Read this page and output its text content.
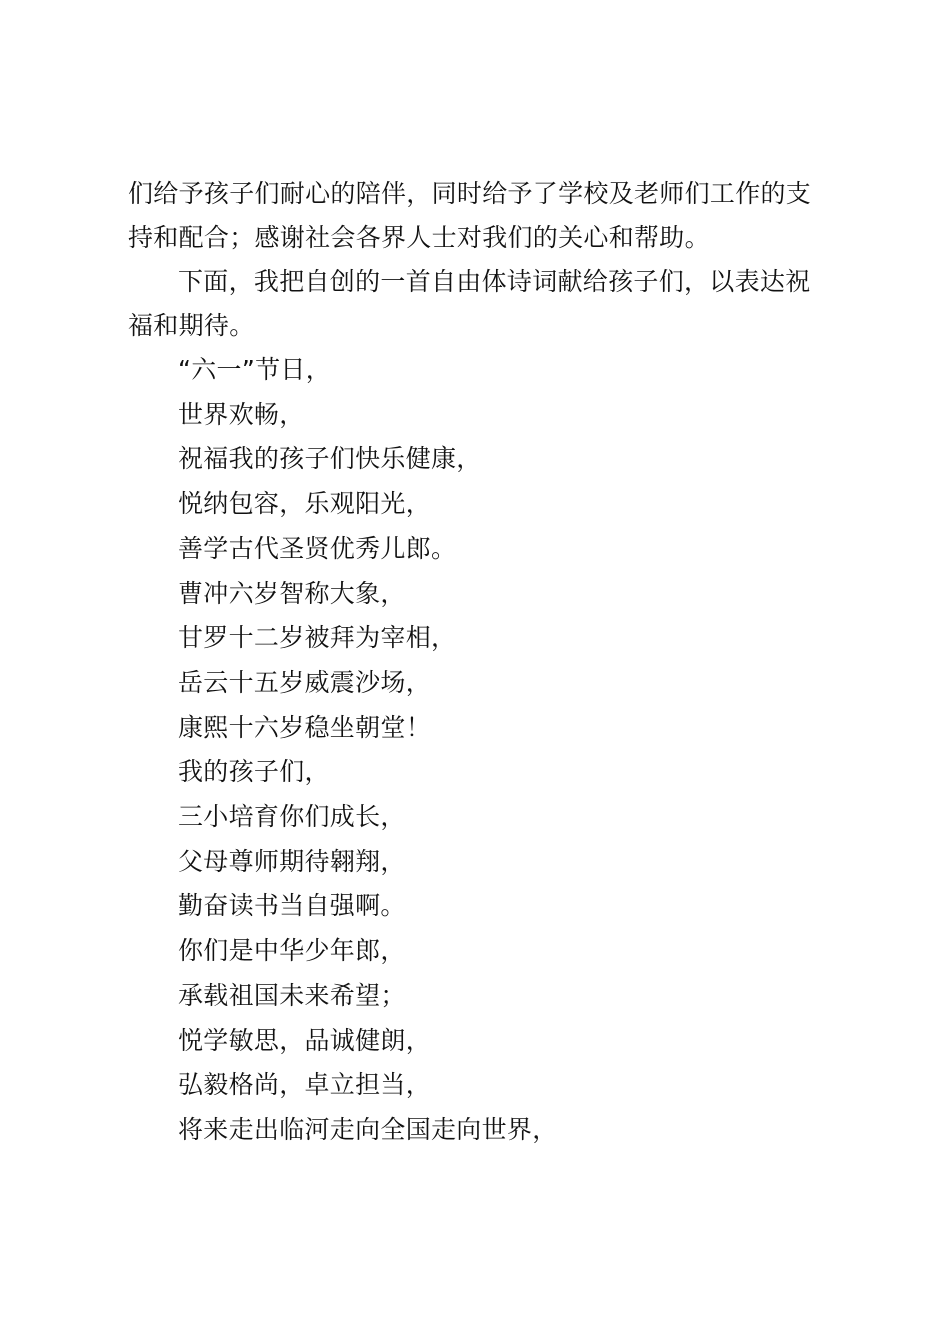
们给予孩子们耐心的陪伴，同时给予了学校及老师们工作的支
持和配合；感谢社会各界人士对我们的关心和帮助。

下面，我把自创的一首自由体诗词献给孩子们，以表达祝
福和期待。

“六一”节日，
世界欢畅，
祝福我的孩子们快乐健康，
悦纳包容，乐观阳光，
善学古代圣贤优秀儿郎。
曹冲六岁智称大象，
甘罗十二岁被拜为宰相，
岳云十五岁威震沙场，
康熙十六岁稳坐朝堂！
我的孩子们，
三小培育你们成长，
父母尊师期待翱翔，
勤奋读书当自强啊。
你们是中华少年郎，
承载祖国未来希望；
悦学敏思，品诚健朗，
弘毅格尚，卓立担当，
将来走出临河走向全国走向世界，
